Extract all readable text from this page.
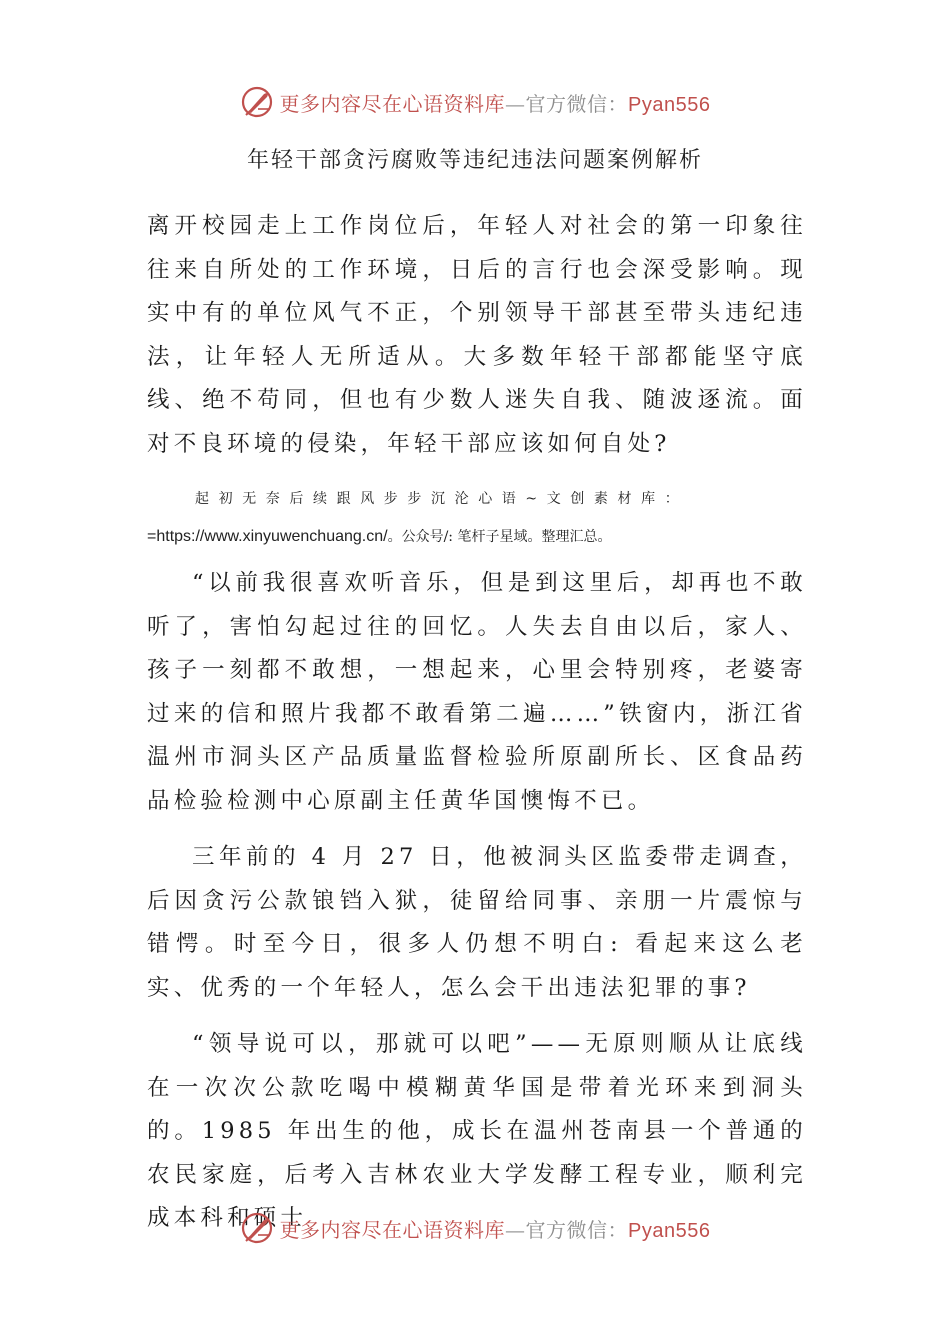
更多内容尽在心语资料库—官方微信：Pyan556
年轻干部贪污腐败等违纪违法问题案例解析

离开校园走上工作岗位后，年轻人对社会的第一印象往往来自所处的工作环境，日后的言行也会深受影响。现实中有的单位风气不正，个别领导干部甚至带头违纪违法，让年轻人无所适从。大多数年轻干部都能坚守底线、绝不苟同，但也有少数人迷失自我、随波逐流。面对不良环境的侵染，年轻干部应该如何自处?

起初无奈后续跟风步步沉沦心语~文创素材库：=https://www.xinyuwenchuang.cn/。公众号/: 笔杆子星域。整理汇总。

“以前我很喜欢听音乐，但是到这里后，却再也不敢听了，害怕勾起过往的回忆。人失去自由以后，家人、孩子一刻都不敢想，一想起来，心里会特别疼，老婆寄过来的信和照片我都不敢看第二遍……”铁窗内，浙江省温州市洞头区产品质量监督检验所原副所长、区食品药品检验检测中心原副主任黄华国懊悔不已。

三年前的 4 月 27 日，他被洞头区监委带走调查，后因贪污公款锒铛入狱，徒留给同事、亲朋一片震惊与错愕。时至今日，很多人仍想不明白: 看起来这么老实、优秀的一个年轻人，怎么会干出违法犯罪的事?

“领导说可以，那就可以吧”——无原则顺从让底线在一次次公款吃喝中模糊黄华国是带着光环来到洞头的。1985 年出生的他，成长在温州苍南县一个普通的农民家庭，后考入吉林农业大学发酵工程专业，顺利完成本科和硕士

更多内容尽在心语资料库—官方微信：Pyan556
